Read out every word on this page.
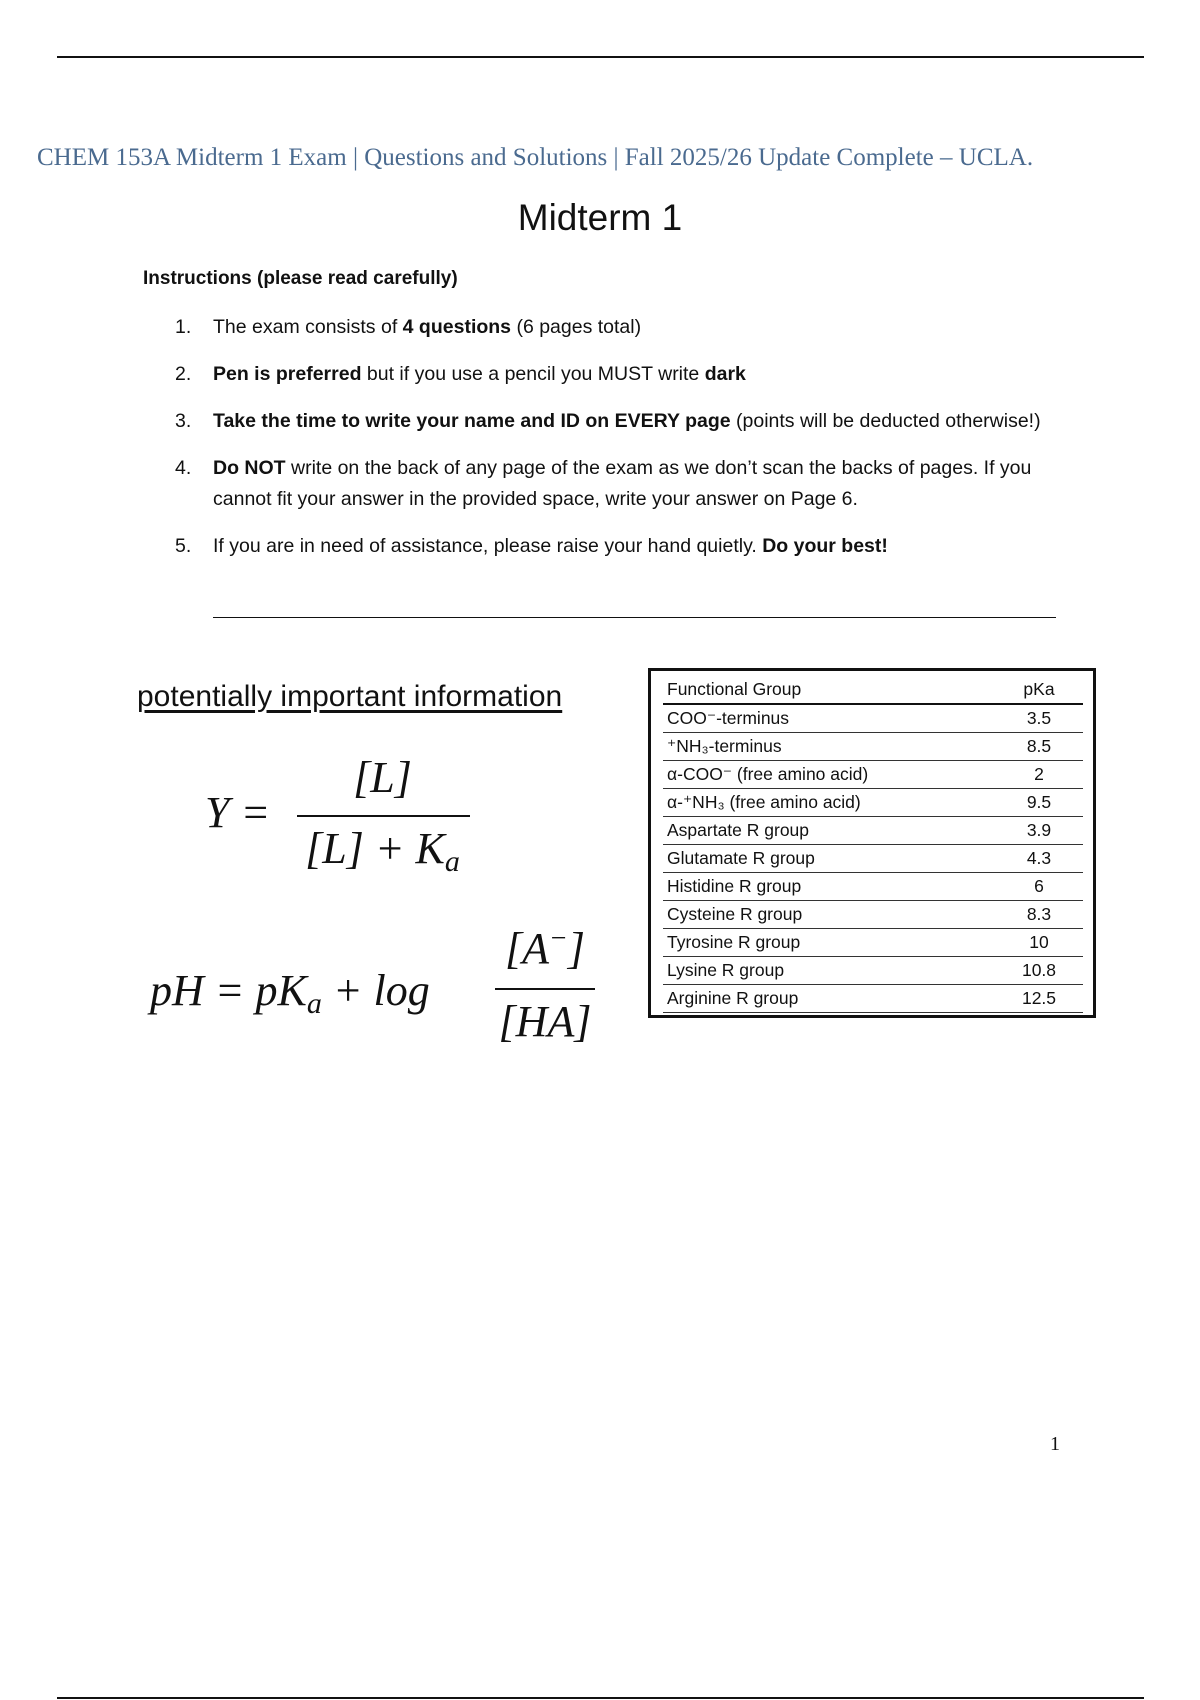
CHEM 153A Midterm 1 Exam | Questions and Solutions | Fall 2025/26 Update Complete – UCLA.
Midterm 1
Instructions (please read carefully)
1.	The exam consists of 4 questions (6 pages total)
2.	Pen is preferred but if you use a pencil you MUST write dark
3.	Take the time to write your name and ID on EVERY page (points will be deducted otherwise!)
4.	Do NOT write on the back of any page of the exam as we don’t scan the backs of pages. If you cannot fit your answer in the provided space, write your answer on Page 6.
5.	If you are in need of assistance, please raise your hand quietly. Do your best!
potentially important information
Y =
[L]
$[L] + K_a$
pH = $pK_a + \log$
[A−]
[HA]
Functional Group	pKa
COO⁻-terminus	3.5
⁺NH₃-terminus	8.5
α-COO⁻ (free amino acid)	2
α-⁺NH₃ (free amino acid)	9.5
Aspartate R group	3.9
Glutamate R group	4.3
Histidine R group	6
Cysteine R group	8.3
Tyrosine R group	10
Lysine R group	10.8
Arginine R group	12.5
1
